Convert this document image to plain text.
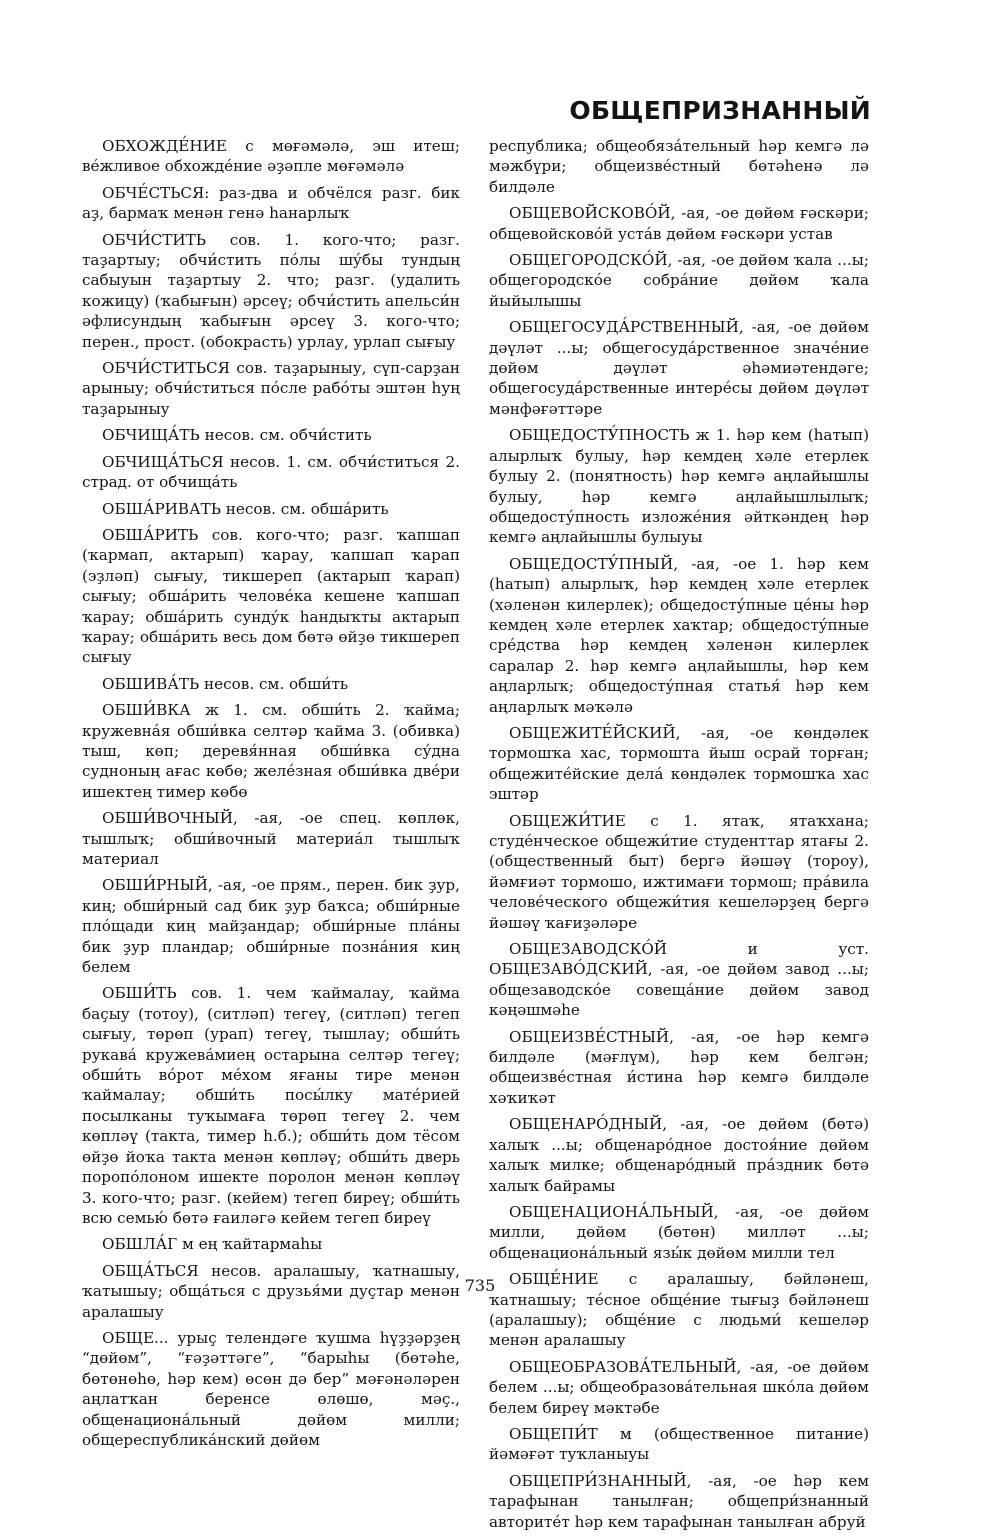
ОБЩЕПРИЗНАННЫЙ

ОБХОЖДЕ́НИЕ с мөғәмәлә, эш итеш; ве́жливое обхожде́ние әҙәпле мөғәмәлә

ОБЧЕ́СТЬСЯ: раз-два и обчёлся разг. бик аҙ, бармаҡ менән генә һанарлыҡ

ОБЧИ́СТИТЬ сов. 1. кого-что; разг. таҙартыу; обчи́стить по́лы шу́бы тундың сабыуын таҙартыу 2. что; разг. (удалить кожицу) (ҡабығын) әрсеү; обчи́стить апельси́н әфлисундың ҡабығын әрсеү 3. кого-что; перен., прост. (обокрасть) урлау, урлап сығыу

ОБЧИ́СТИТЬСЯ сов. таҙарыныу, сүп-сарҙан арыныу; обчи́ститься по́сле рабо́ты эштән һуң таҙарыныу

ОБЧИЩА́ТЬ несов. см. обчи́стить

ОБЧИЩА́ТЬСЯ несов. 1. см. обчи́ститься 2. страд. от обчища́ть

ОБША́РИВАТЬ несов. см. обша́рить

ОБША́РИТЬ сов. кого-что; разг. ҡапшап (ҡармап, актарып) ҡарау, ҡапшап ҡарап (эҙләп) сығыу, тикшереп (актарып ҡарап) сығыу; обша́рить челове́ка кешене ҡапшап ҡарау; обша́рить сунду́к һандыҡты актарып ҡарау; обша́рить весь дом бөтә өйҙө тикшереп сығыу

ОБШИВА́ТЬ несов. см. обши́ть

ОБШИ́ВКА ж 1. см. обши́ть 2. ҡайма; кружевна́я обши́вка селтәр ҡайма 3. (обивка) тыш, көп; деревя́нная обши́вка су́дна судноның ағас көбө; желе́зная обши́вка две́ри ишектең тимер көбө

ОБШИ́ВОЧНЫЙ, -ая, -ое спец. көплөк, тышлыҡ; обши́вочный материа́л тышлыҡ материал

ОБШИ́РНЫЙ, -ая, -ое прям., перен. бик ҙур, киң; обши́рный сад бик ҙур баҡса; обши́рные пло́щади киң майҙандар; обши́рные пла́ны бик ҙур пландар; обши́рные позна́ния киң белем

ОБШИ́ТЬ сов. 1. чем ҡаймалау, ҡайма баҫыу (тотоу), (ситләп) тегеү, (ситләп) тегеп сығыу, төрөп (урап) тегеү, тышлау; обши́ть рукава́ кружева́миең остарына селтәр тегеү; обши́ть во́рот ме́хом яғаны тире менән ҡаймалау; обши́ть посы́лку мате́рией посылканы туҡымаға төрөп тегеү 2. чем көпләү (такта, тимер һ.б.); обши́ть дом тёсом өйҙө йоҡа такта менән көпләү; обши́ть дверь поропо́лоном ишекте поролон менән көпләү 3. кого-что; разг. (кейем) тегеп биреү; обши́ть всю семью́ бөтә ғаиләгә кейем тегеп биреү

ОБШЛА́Г м ең ҡайтармаһы

ОБЩА́ТЬСЯ несов. аралашыу, ҡатнашыу, ҡатышыу; обща́ться с друзья́ми дуҫтар менән аралашыу

ОБЩЕ... урыҫ телендәге ҡушма һүҙҙәрҙең “дөйөм”, “ғәҙәттәге”, “барыһы (бөтәһе, бөтөнөһө, һәр кем) өсөн дә бер” мәғәнәләрен аңлатҡан беренсе өлөшө, мәҫ., общенациона́льный дөйөм милли; общереспублика́нский дөйөм

республика; общеобяза́тельный һәр кемгә лә мәжбүри; общеизве́стный бөтәһенә лә билдәле

ОБЩЕВОЙСКОВО́Й, -ая, -ое дөйөм ғәскәри; общевойсково́й уста́в дөйөм ғәскәри устав

ОБЩЕГОРОДСКО́Й, -ая, -ое дөйөм ҡала ...ы; общегородско́е собра́ние дөйөм ҡала йыйылышы

ОБЩЕГОСУДА́РСТВЕННЫЙ, -ая, -ое дөйөм дәүләт ...ы; общегосуда́рственное значе́ние дөйөм дәүләт әһәмиәтендәге; общегосуда́рственные интере́сы дөйөм дәүләт мәнфәғәттәре

ОБЩЕДОСТУ́ПНОСТЬ ж 1. һәр кем (һатып) алырлыҡ булыу, һәр кемдең хәле етерлек булыу 2. (понятность) һәр кемгә аңлайышлы булыу, һәр кемгә аңлайышлылыҡ; общедосту́пность изложе́ния әйткәндең һәр кемгә аңлайышлы булыуы

ОБЩЕДОСТУ́ПНЫЙ, -ая, -ое 1. һәр кем (һатып) алырлыҡ, һәр кемдең хәле етерлек (хәленән килерлек); общедосту́пные це́ны һәр кемдең хәле етерлек хаҡтар; общедосту́пные сре́дства һәр кемдең хәленән килерлек саралар 2. һәр кемгә аңлайышлы, һәр кем аңларлыҡ; общедосту́пная статья́ һәр кем аңларлыҡ мәҡәлә

ОБЩЕЖИТЕ́ЙСКИЙ, -ая, -ое көндәлек тормошҡа хас, тормошта йыш осрай торған; общежите́йские дела́ көндәлек тормошҡа хас эштәр

ОБЩЕЖИ́ТИЕ с 1. ятаҡ, ятаҡхана; студе́нческое общежи́тие студенттар ятағы 2. (общественный быт) бергә йәшәү (тороу), йәмғиәт тормошо, ижтимағи тормош; пра́вила челове́ческого общежи́тия кешеләрҙең бергә йәшәү ҡағиҙәләре

ОБЩЕЗАВОДСКО́Й и уст. ОБЩЕЗАВО́ДСКИЙ, -ая, -ое дөйөм завод ...ы; общезаводско́е совеща́ние дөйөм завод кәңәшмәһе

ОБЩЕИЗВЕ́СТНЫЙ, -ая, -ое һәр кемгә билдәле (мәғлүм), һәр кем белгән; общеизве́стная и́стина һәр кемгә билдәле хәҡиҡәт

ОБЩЕНАРО́ДНЫЙ, -ая, -ое дөйөм (бөтә) халыҡ ...ы; общенаро́дное достоя́ние дөйөм халыҡ милке; общенаро́дный пра́здник бөтә халыҡ байрамы

ОБЩЕНАЦИОНА́ЛЬНЫЙ, -ая, -ое дөйөм милли, дөйөм (бөтөн) милләт ...ы; общенациона́льный язы́к дөйөм милли тел

ОБЩЕ́НИЕ с аралашыу, бәйләнеш, ҡатнашыу; те́сное обще́ние тығыҙ бәйләнеш (аралашыу); обще́ние с людьми́ кешеләр менән аралашыу

ОБЩЕОБРАЗОВА́ТЕЛЬНЫЙ, -ая, -ое дөйөм белем ...ы; общеобразова́тельная шко́ла дөйөм белем биреү мәктәбе

ОБЩЕПИ́Т м (общественное питание) йәмәғәт туҡланыуы

ОБЩЕПРИ́ЗНАННЫЙ, -ая, -ое һәр кем тарафынан танылған; общепри́знанный авторите́т һәр кем тарафынан танылған абруй

735
